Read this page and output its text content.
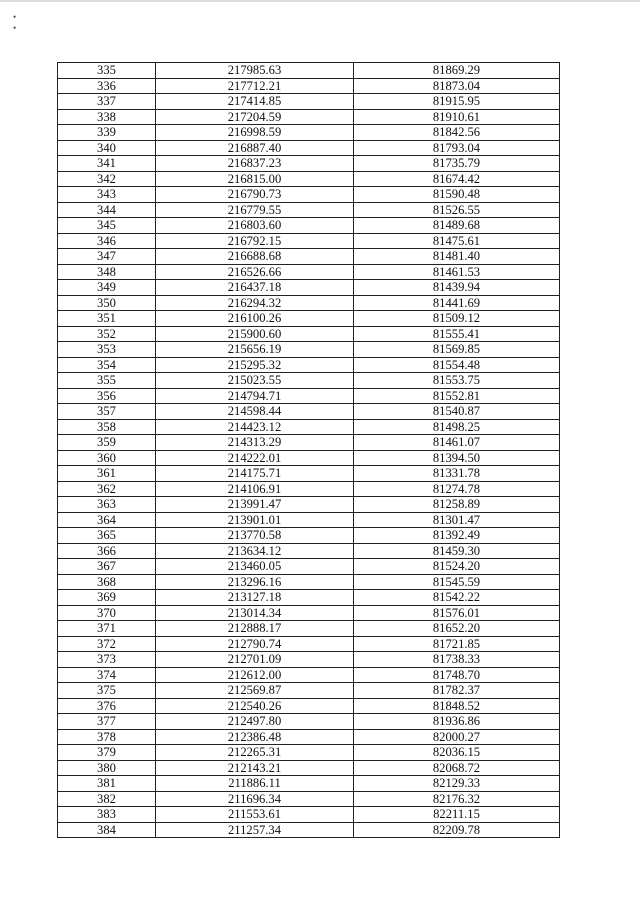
•
•
335	217985.63	81869.29
336	217712.21	81873.04
337	217414.85	81915.95
338	217204.59	81910.61
339	216998.59	81842.56
340	216887.40	81793.04
341	216837.23	81735.79
342	216815.00	81674.42
343	216790.73	81590.48
344	216779.55	81526.55
345	216803.60	81489.68
346	216792.15	81475.61
347	216688.68	81481.40
348	216526.66	81461.53
349	216437.18	81439.94
350	216294.32	81441.69
351	216100.26	81509.12
352	215900.60	81555.41
353	215656.19	81569.85
354	215295.32	81554.48
355	215023.55	81553.75
356	214794.71	81552.81
357	214598.44	81540.87
358	214423.12	81498.25
359	214313.29	81461.07
360	214222.01	81394.50
361	214175.71	81331.78
362	214106.91	81274.78
363	213991.47	81258.89
364	213901.01	81301.47
365	213770.58	81392.49
366	213634.12	81459.30
367	213460.05	81524.20
368	213296.16	81545.59
369	213127.18	81542.22
370	213014.34	81576.01
371	212888.17	81652.20
372	212790.74	81721.85
373	212701.09	81738.33
374	212612.00	81748.70
375	212569.87	81782.37
376	212540.26	81848.52
377	212497.80	81936.86
378	212386.48	82000.27
379	212265.31	82036.15
380	212143.21	82068.72
381	211886.11	82129.33
382	211696.34	82176.32
383	211553.61	82211.15
384	211257.34	82209.78
